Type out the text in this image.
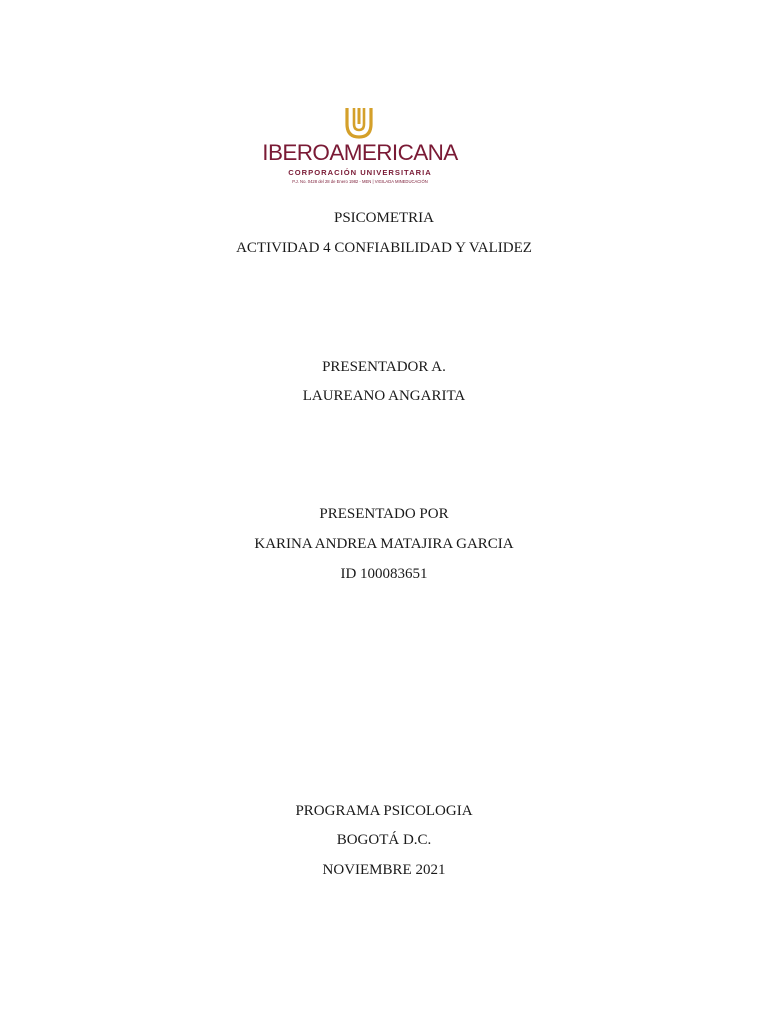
IBEROAMERICANA
CORPORACIÓN UNIVERSITARIA
P.J. No. 0428 del 28 de Enero 1982 - MEN | VIGILADA MINEDUCACIÓN
PSICOMETRIA
ACTIVIDAD 4 CONFIABILIDAD Y VALIDEZ
PRESENTADOR A.
LAUREANO ANGARITA
PRESENTADO POR
KARINA ANDREA MATAJIRA GARCIA
ID 100083651
PROGRAMA PSICOLOGIA
BOGOTÁ D.C.
NOVIEMBRE 2021
